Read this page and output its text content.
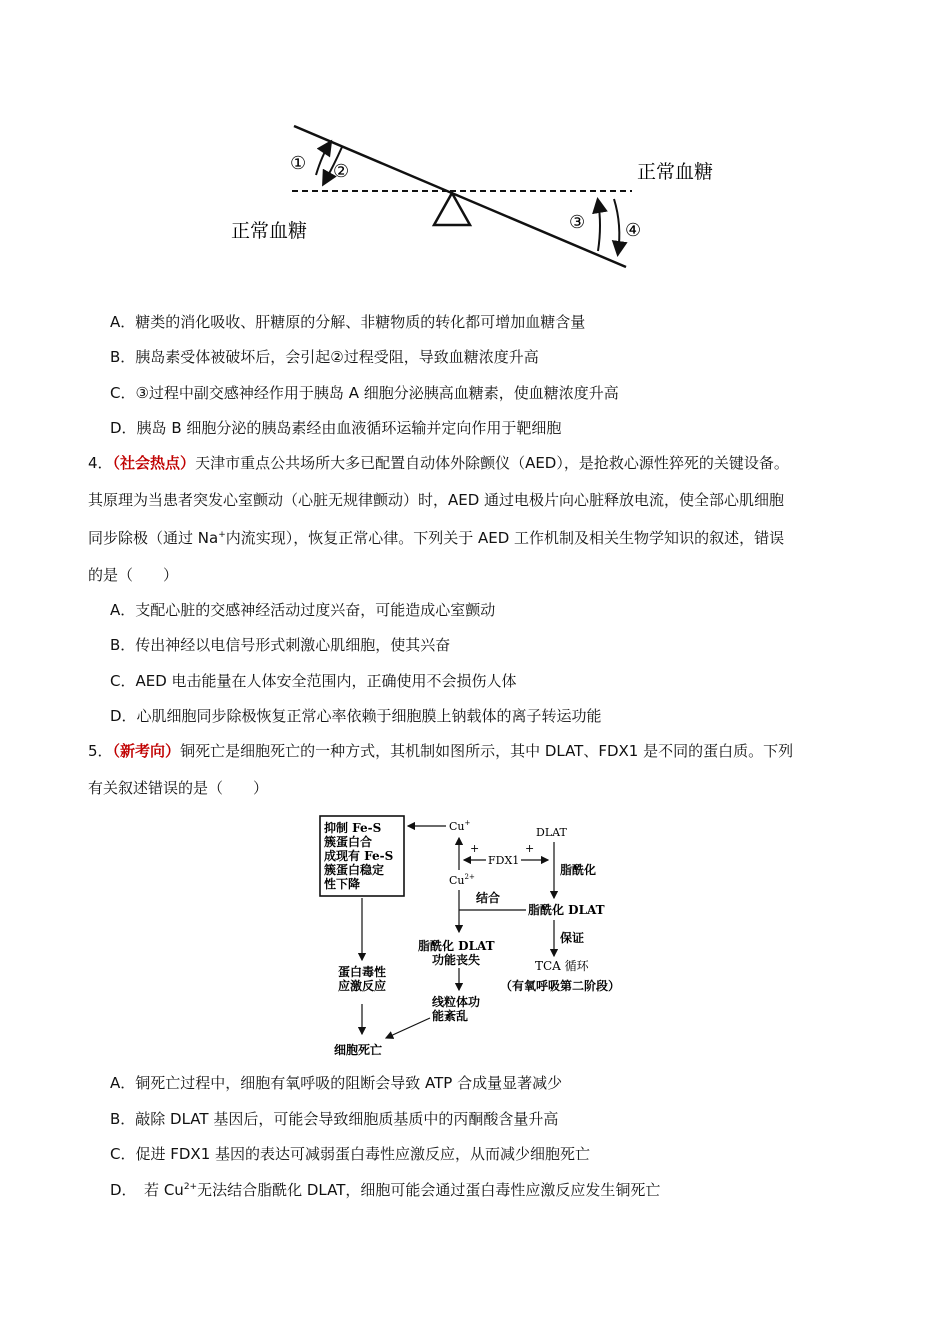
① ②
③ ④
正常血糖
正常血糖
A．糖类的消化吸收、肝糖原的分解、非糖物质的转化都可增加血糖含量
B．胰岛素受体被破坏后，会引起②过程受阻，导致血糖浓度升高
C．③过程中副交感神经作用于胰岛 A 细胞分泌胰高血糖素，使血糖浓度升高
D．胰岛 B 细胞分泌的胰岛素经由血液循环运输并定向作用于靶细胞
4．（社会热点）天津市重点公共场所大多已配置自动体外除颤仪（AED），是抢救心源性猝死的关键设备。
其原理为当患者突发心室颤动（心脏无规律颤动）时，AED 通过电极片向心脏释放电流，使全部心肌细胞
同步除极（通过 Na+内流实现），恢复正常心律。下列关于 AED 工作机制及相关生物学知识的叙述，错误
的是（　　）
A．支配心脏的交感神经活动过度兴奋，可能造成心室颤动
B．传出神经以电信号形式刺激心肌细胞，使其兴奋
C．AED 电击能量在人体安全范围内，正确使用不会损伤人体
D．心肌细胞同步除极恢复正常心率依赖于细胞膜上钠载体的离子转运功能
5．（新考向）铜死亡是细胞死亡的一种方式，其机制如图所示，其中 DLAT、FDX1 是不同的蛋白质。下列
有关叙述错误的是（　　）
抑制 Fe-S
簇蛋白合
成现有 Fe-S
簇蛋白稳定
性下降
Cu+
$Cu^{2+}$
+	+
FDX1
DLAT
脂酰化
脂酰化 DLAT
结合
保证
TCA 循环
（有氧呼吸第二阶段）
脂酰化 DLAT
功能丧失
线粒体功
能紊乱
蛋白毒性
应激反应
细胞死亡
A．铜死亡过程中，细胞有氧呼吸的阻断会导致 ATP 合成量显著减少
B．敲除 DLAT 基因后，可能会导致细胞质基质中的丙酮酸含量升高
C．促进 FDX1 基因的表达可减弱蛋白毒性应激反应，从而减少细胞死亡
D．　若 $Cu^{2+}$无法结合脂酰化 DLAT，细胞可能会通过蛋白毒性应激反应发生铜死亡
